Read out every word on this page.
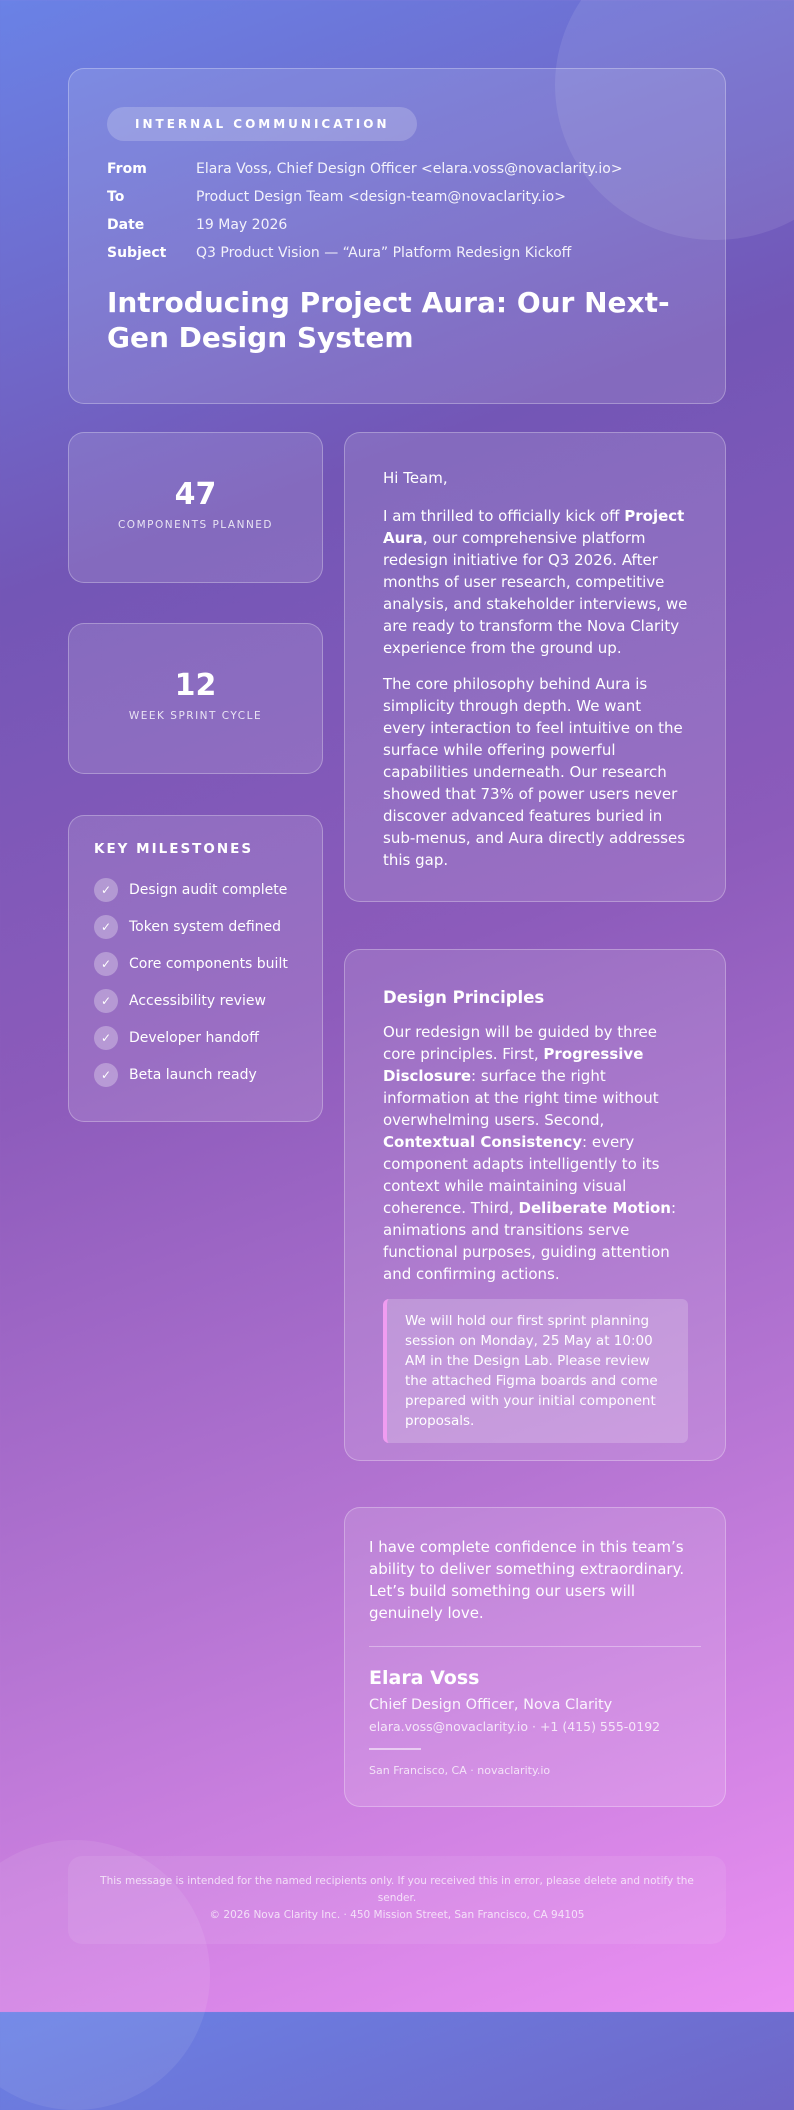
INTERNAL COMMUNICATION
From	Elara Voss, Chief Design Officer <elara.voss@novaclarity.io>
To	Product Design Team <design-team@novaclarity.io>
Date	19 May 2026
Subject	Q3 Product Vision — “Aura” Platform Redesign Kickoff
Introducing Project Aura: Our Next-Gen Design System
47
COMPONENTS PLANNED
12
WEEK SPRINT CYCLE
KEY MILESTONES
✓	Design audit complete
✓	Token system defined
✓	Core components built
✓	Accessibility review
✓	Developer handoff
✓	Beta launch ready

Hi Team,

I am thrilled to officially kick off Project Aura, our comprehensive platform redesign initiative for Q3 2026. After months of user research, competitive analysis, and stakeholder interviews, we are ready to transform the Nova Clarity experience from the ground up.

The core philosophy behind Aura is simplicity through depth. We want every interaction to feel intuitive on the surface while offering powerful capabilities underneath. Our research showed that 73% of power users never discover advanced features buried in sub-menus, and Aura directly addresses this gap.

Design Principles

Our redesign will be guided by three core principles. First, Progressive Disclosure: surface the right information at the right time without overwhelming users. Second, Contextual Consistency: every component adapts intelligently to its context while maintaining visual coherence. Third, Deliberate Motion: animations and transitions serve functional purposes, guiding attention and confirming actions.

We will hold our first sprint planning session on Monday, 25 May at 10:00 AM in the Design Lab. Please review the attached Figma boards and come prepared with your initial component proposals.

I have complete confidence in this team’s ability to deliver something extraordinary. Let’s build something our users will genuinely love.

Elara Voss
Chief Design Officer, Nova Clarity
elara.voss@novaclarity.io · +1 (415) 555-0192
San Francisco, CA · novaclarity.io
This message is intended for the named recipients only. If you received this in error, please delete and notify the sender.
© 2026 Nova Clarity Inc. · 450 Mission Street, San Francisco, CA 94105
